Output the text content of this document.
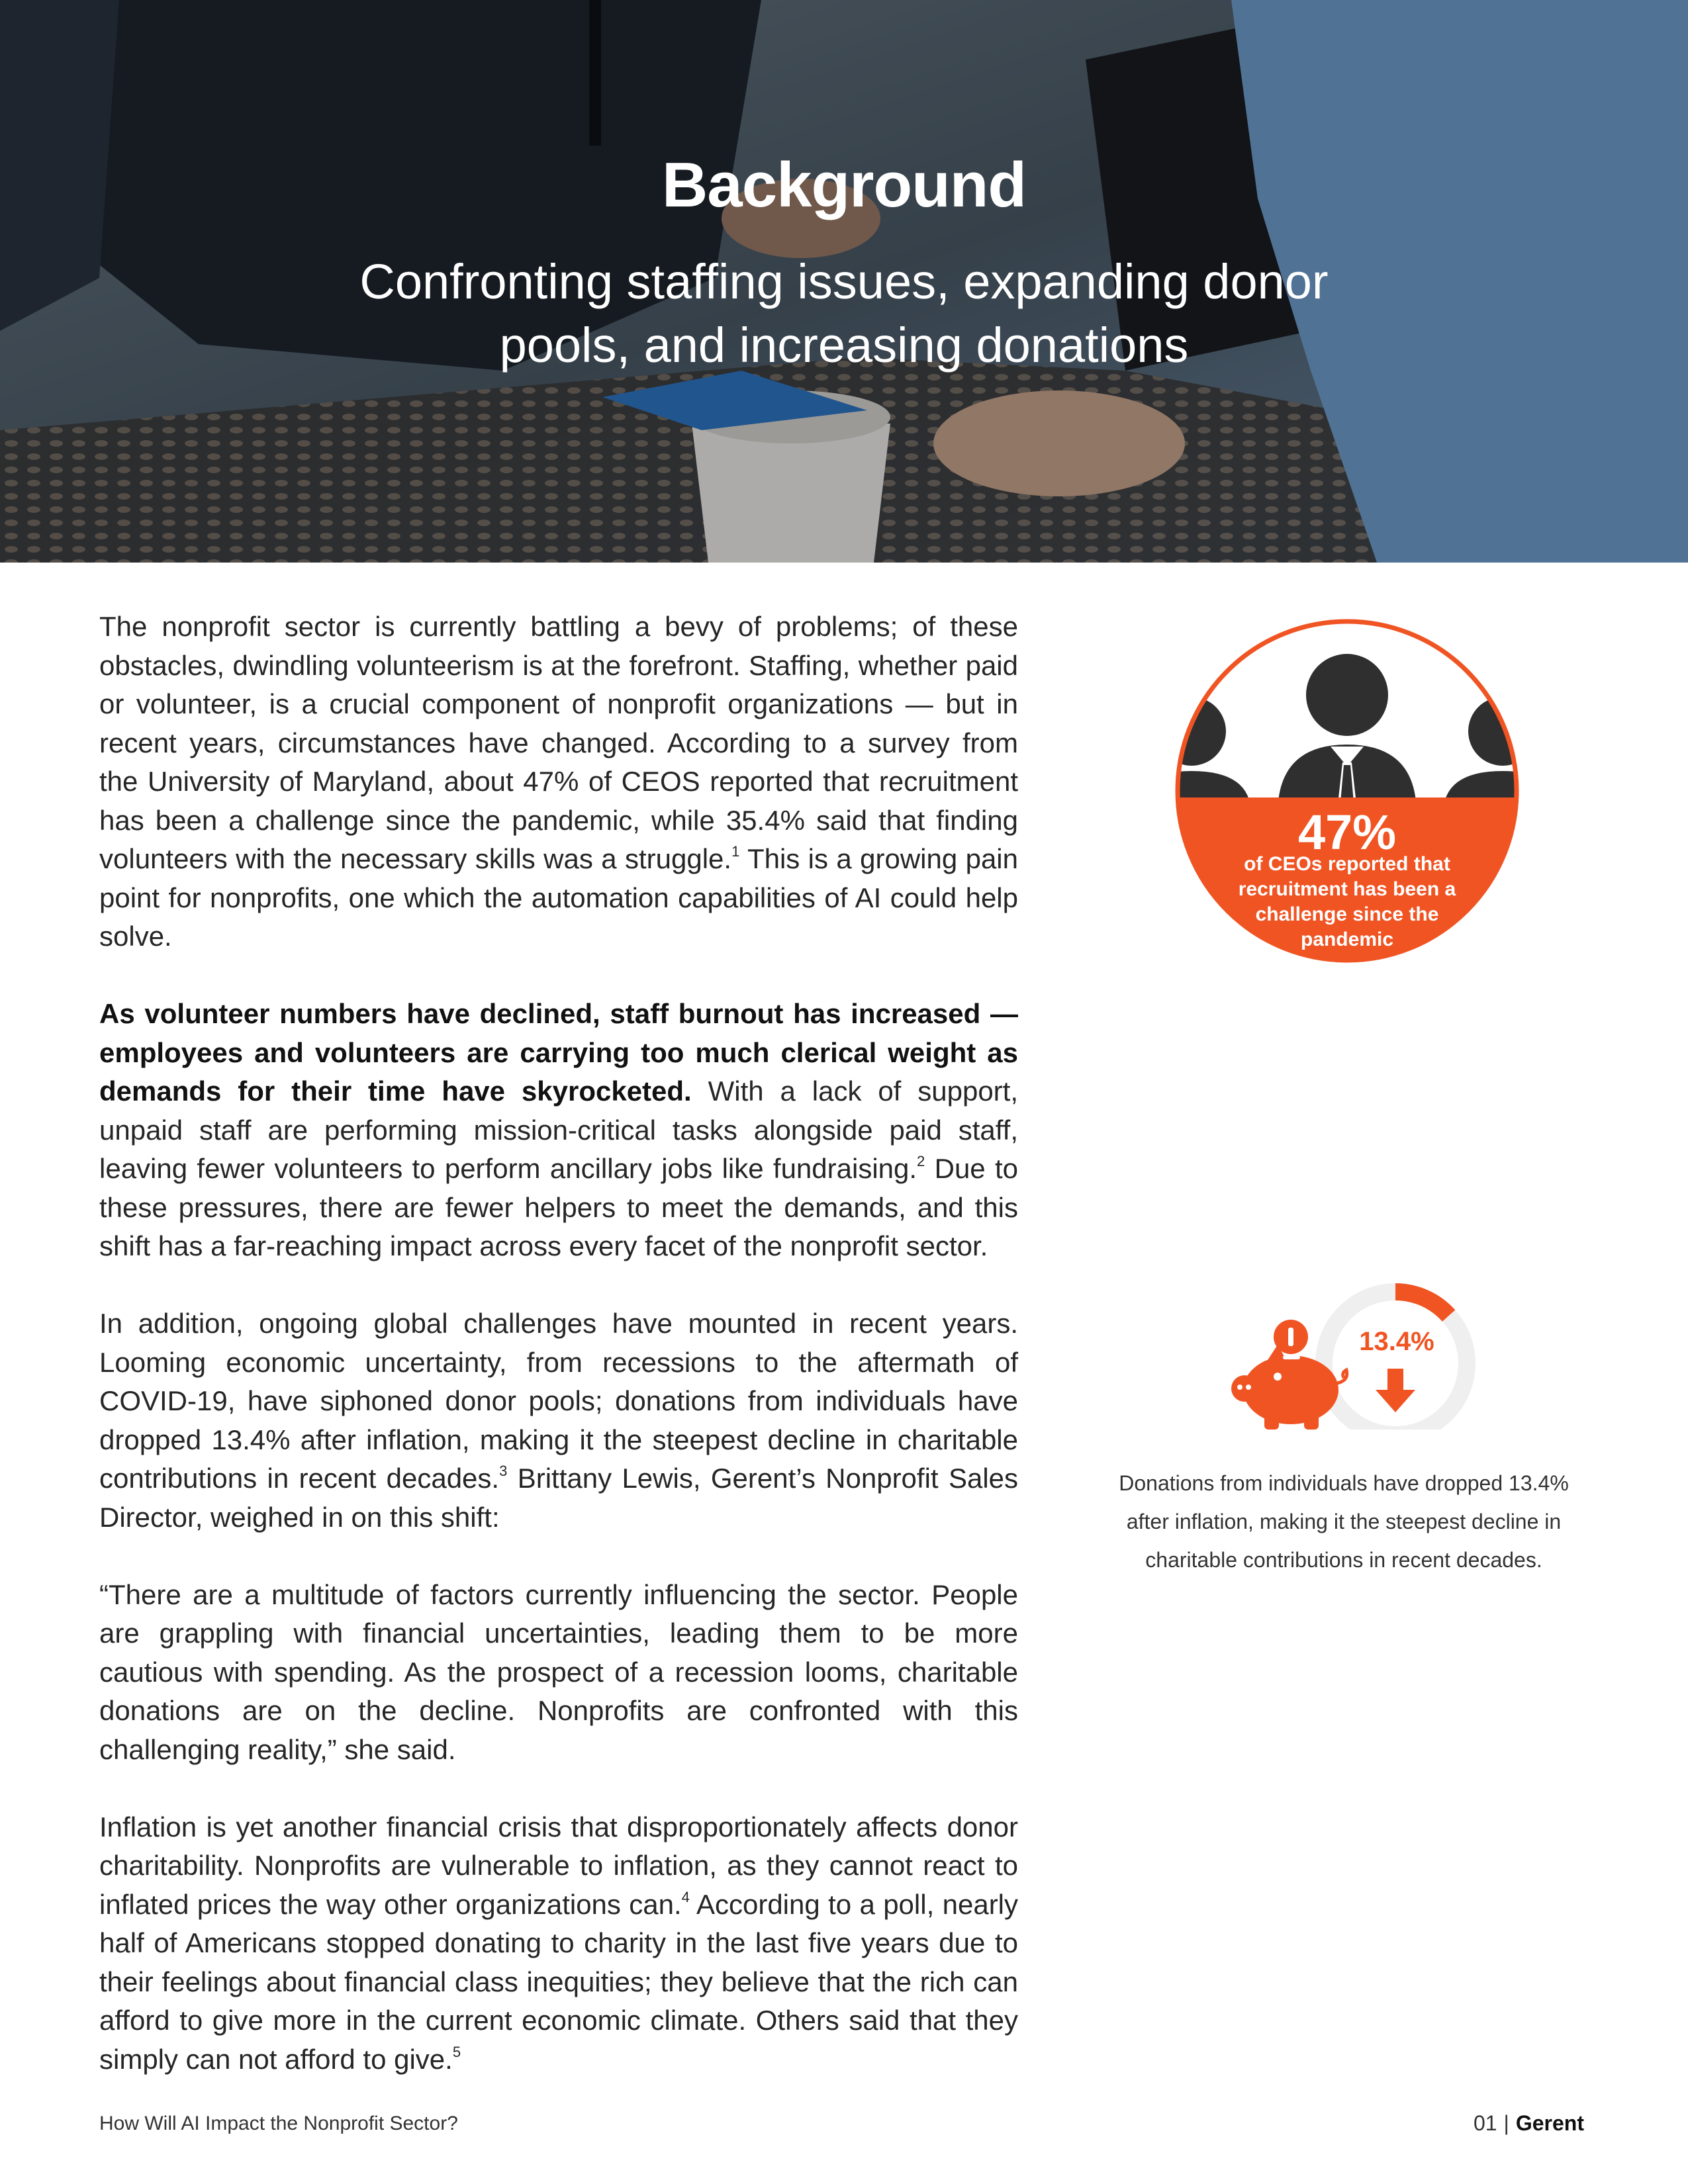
Background
Confronting staffing issues, expanding donor pools, and increasing donations

The nonprofit sector is currently battling a bevy of problems; of these obstacles, dwindling volunteerism is at the forefront. Staffing, whether paid or volunteer, is a crucial component of nonprofit organizations — but in recent years, circumstances have changed. According to a survey from the University of Maryland, about 47% of CEOS reported that recruitment has been a challenge since the pandemic, while 35.4% said that finding volunteers with the necessary skills was a struggle.$^1$ This is a growing pain point for nonprofits, one which the automation capabilities of AI could help solve.

As volunteer numbers have declined, staff burnout has increased — employees and volunteers are carrying too much clerical weight as demands for their time have skyrocketed. With a lack of support, unpaid staff are performing mission-critical tasks alongside paid staff, leaving fewer volunteers to perform ancillary jobs like fundraising.$^2$ Due to these pressures, there are fewer helpers to meet the demands, and this shift has a far-reaching impact across every facet of the nonprofit sector.

In addition, ongoing global challenges have mounted in recent years. Looming economic uncertainty, from recessions to the aftermath of COVID-19, have siphoned donor pools; donations from individuals have dropped 13.4% after inflation, making it the steepest decline in charitable contributions in recent decades.$^3$ Brittany Lewis, Gerent’s Nonprofit Sales Director, weighed in on this shift:

“There are a multitude of factors currently influencing the sector. People are grappling with financial uncertainties, leading them to be more cautious with spending. As the prospect of a recession looms, charitable donations are on the decline. Nonprofits are confronted with this challenging reality,” she said.

Inflation is yet another financial crisis that disproportionately affects donor charitability. Nonprofits are vulnerable to inflation, as they cannot react to inflated prices the way other organizations can.$^4$ According to a poll, nearly half of Americans stopped donating to charity in the last five years due to their feelings about financial class inequities; they believe that the rich can afford to give more in the current economic climate. Others said that they simply can not afford to give.$^5$

47%
of CEOs reported that recruitment has been a challenge since the pandemic
13.4%
Donations from individuals have dropped 13.4% after inflation, making it the steepest decline in charitable contributions in recent decades.
How Will AI Impact the Nonprofit Sector?	01 | Gerent
